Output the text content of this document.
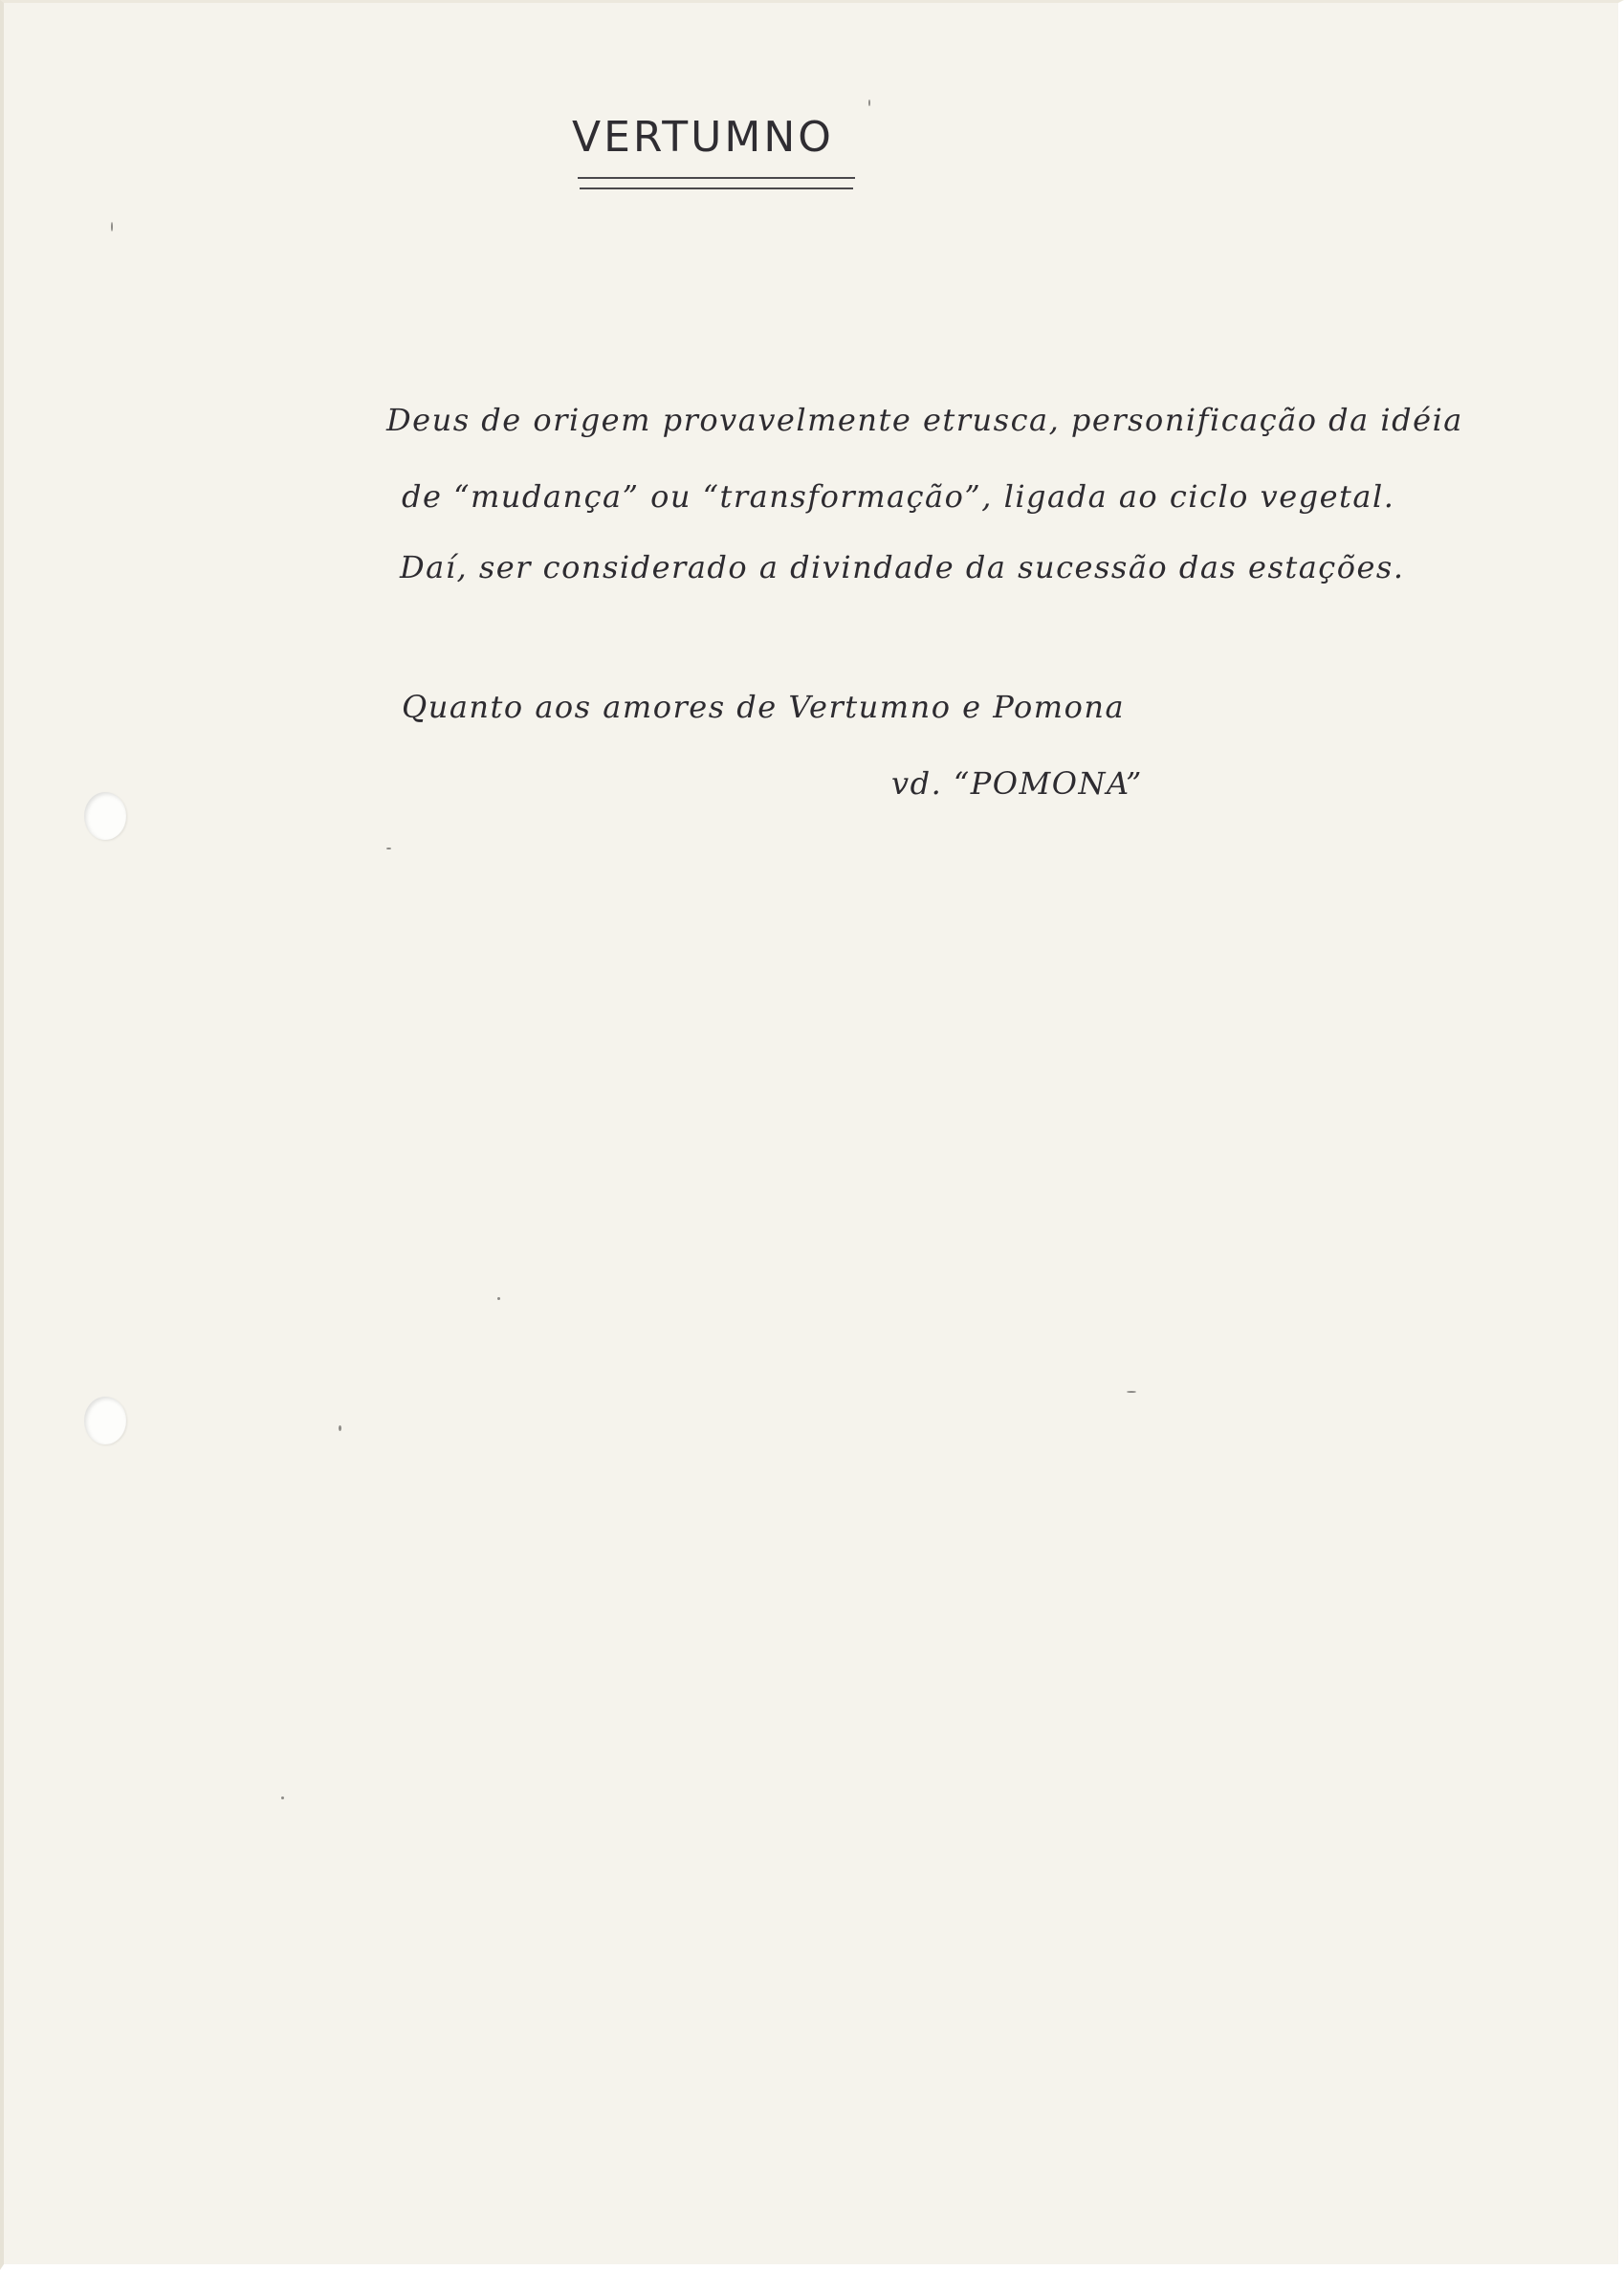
VERTUMNO
Deus de origem provavelmente etrusca, personificação da idéia
de “mudança” ou “transformação”, ligada ao ciclo vegetal.
Daí, ser considerado a divindade da sucessão das estações.
Quanto aos amores de Vertumno e Pomona
vd. “POMONA”
